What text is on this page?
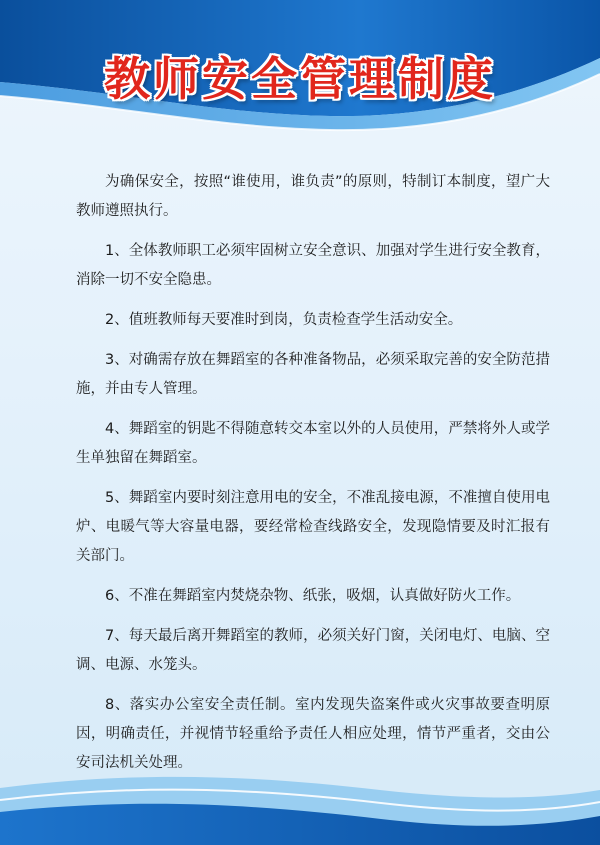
教师安全管理制度

为确保安全，按照“谁使用，谁负责”的原则，特制订本制度，望广大教师遵照执行。

1、全体教师职工必须牢固树立安全意识、加强对学生进行安全教育，消除一切不安全隐患。

2、值班教师每天要准时到岗，负责检查学生活动安全。

3、对确需存放在舞蹈室的各种准备物品，必须采取完善的安全防范措施，并由专人管理。

4、舞蹈室的钥匙不得随意转交本室以外的人员使用，严禁将外人或学生单独留在舞蹈室。

5、舞蹈室内要时刻注意用电的安全，不准乱接电源，不准擅自使用电炉、电暖气等大容量电器，要经常检查线路安全，发现隐情要及时汇报有关部门。

6、不准在舞蹈室内焚烧杂物、纸张，吸烟，认真做好防火工作。

7、每天最后离开舞蹈室的教师，必须关好门窗，关闭电灯、电脑、空调、电源、水笼头。

8、落实办公室安全责任制。室内发现失盗案件或火灾事故要查明原因，明确责任，并视情节轻重给予责任人相应处理，情节严重者，交由公安司法机关处理。
